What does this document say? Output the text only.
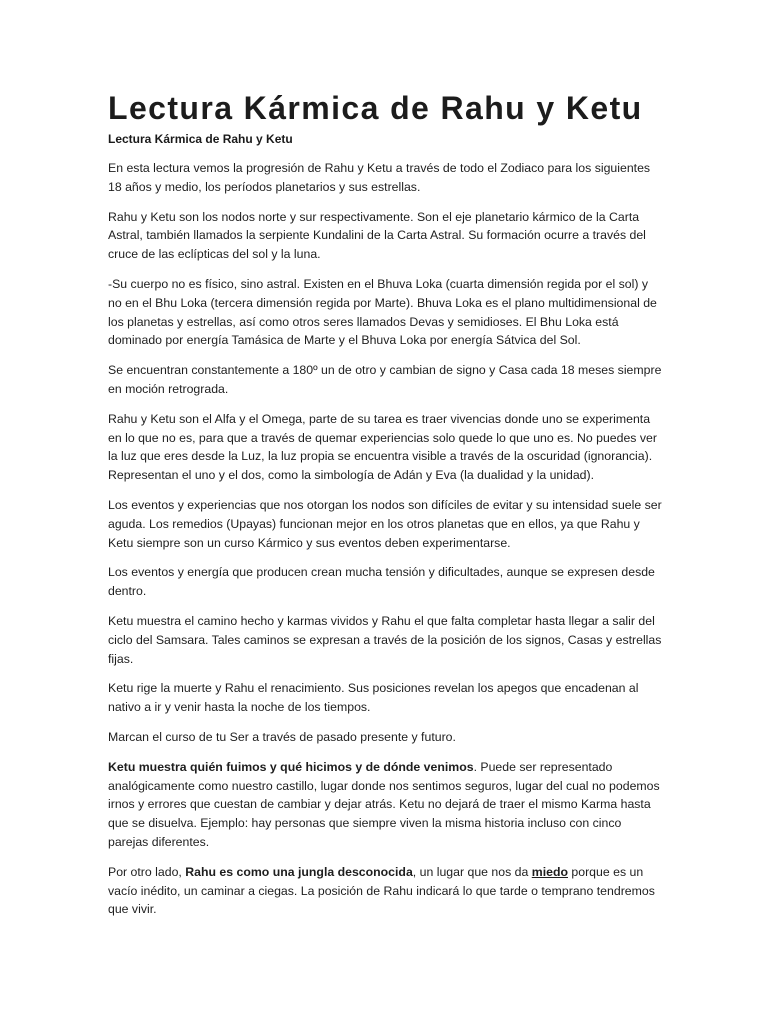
Lectura Kármica de Rahu y Ketu
Lectura Kármica de Rahu y Ketu

En esta lectura vemos la progresión de Rahu y Ketu a través de todo el Zodiaco para los siguientes 18 años y medio, los períodos planetarios y sus estrellas.

Rahu y Ketu son los nodos norte y sur respectivamente. Son el eje planetario kármico de la Carta Astral, también llamados la serpiente Kundalini de la Carta Astral. Su formación ocurre a través del cruce de las eclípticas del sol y la luna.

-Su cuerpo no es físico, sino astral. Existen en el Bhuva Loka (cuarta dimensión regida por el sol) y no en el Bhu Loka (tercera dimensión regida por Marte). Bhuva Loka es el plano multidimensional de los planetas y estrellas, así como otros seres llamados Devas y semidioses. El Bhu Loka está dominado por energía Tamásica de Marte y el Bhuva Loka por energía Sátvica del Sol.

Se encuentran constantemente a 180º un de otro y cambian de signo y Casa cada 18 meses siempre en moción retrograda.

Rahu y Ketu son el Alfa y el Omega, parte de su tarea es traer vivencias donde uno se experimenta en lo que no es, para que a través de quemar experiencias solo quede lo que uno es. No puedes ver la luz que eres desde la Luz, la luz propia se encuentra visible a través de la oscuridad (ignorancia). Representan el uno y el dos, como la simbología de Adán y Eva (la dualidad y la unidad).

Los eventos y experiencias que nos otorgan los nodos son difíciles de evitar y su intensidad suele ser aguda. Los remedios (Upayas) funcionan mejor en los otros planetas que en ellos, ya que Rahu y Ketu siempre son un curso Kármico y sus eventos deben experimentarse.

Los eventos y energía que producen crean mucha tensión y dificultades, aunque se expresen desde dentro.

Ketu muestra el camino hecho y karmas vividos y Rahu el que falta completar hasta llegar a salir del ciclo del Samsara. Tales caminos se expresan a través de la posición de los signos, Casas y estrellas fijas.

Ketu rige la muerte y Rahu el renacimiento. Sus posiciones revelan los apegos que encadenan al nativo a ir y venir hasta la noche de los tiempos.

Marcan el curso de tu Ser a través de pasado presente y futuro.

Ketu muestra quién fuimos y qué hicimos y de dónde venimos. Puede ser representado analógicamente como nuestro castillo, lugar donde nos sentimos seguros, lugar del cual no podemos irnos y errores que cuestan de cambiar y dejar atrás. Ketu no dejará de traer el mismo Karma hasta que se disuelva. Ejemplo: hay personas que siempre viven la misma historia incluso con cinco parejas diferentes.

Por otro lado, Rahu es como una jungla desconocida, un lugar que nos da miedo porque es un vacío inédito, un caminar a ciegas. La posición de Rahu indicará lo que tarde o temprano tendremos que vivir.
